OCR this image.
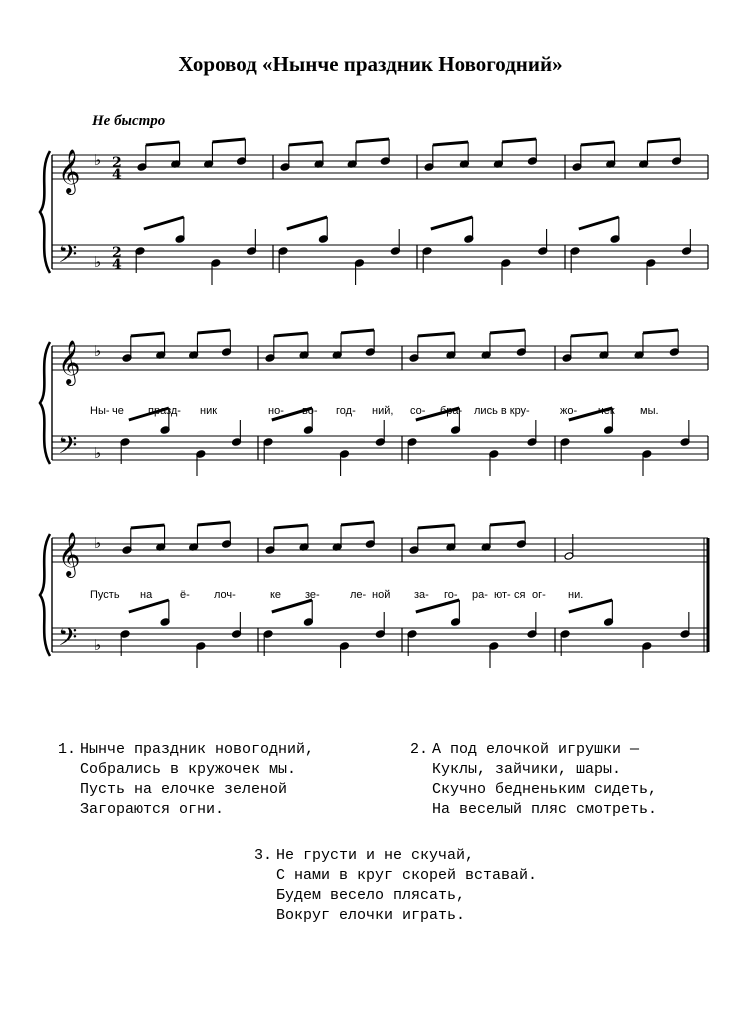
Хоровод «Нынче праздник Новогодний»
Не быстро
𝄞
𝄢
♭
♭
2
4
2
4
𝄞
𝄢
♭
♭
Ны- че празд- ник	но- во- год- ний, со- бра- лись в кру-	жо- чек мы.
𝄞
𝄢
♭
♭
Пусть на	ё- лоч-	ке зе-	ле- ной за- го- ра- ют- ся ог- ни.
1. Нынче праздник новогодний,
Собрались в кружочек мы.
Пусть на елочке зеленой
Загораются огни.
2. А под елочкой игрушки —
Куклы, зайчики, шары.
Скучно бедненьким сидеть,
На веселый пляс смотреть.
3. Не грусти и не скучай,
С нами в круг скорей вставай.
Будем весело плясать,
Вокруг елочки играть.
